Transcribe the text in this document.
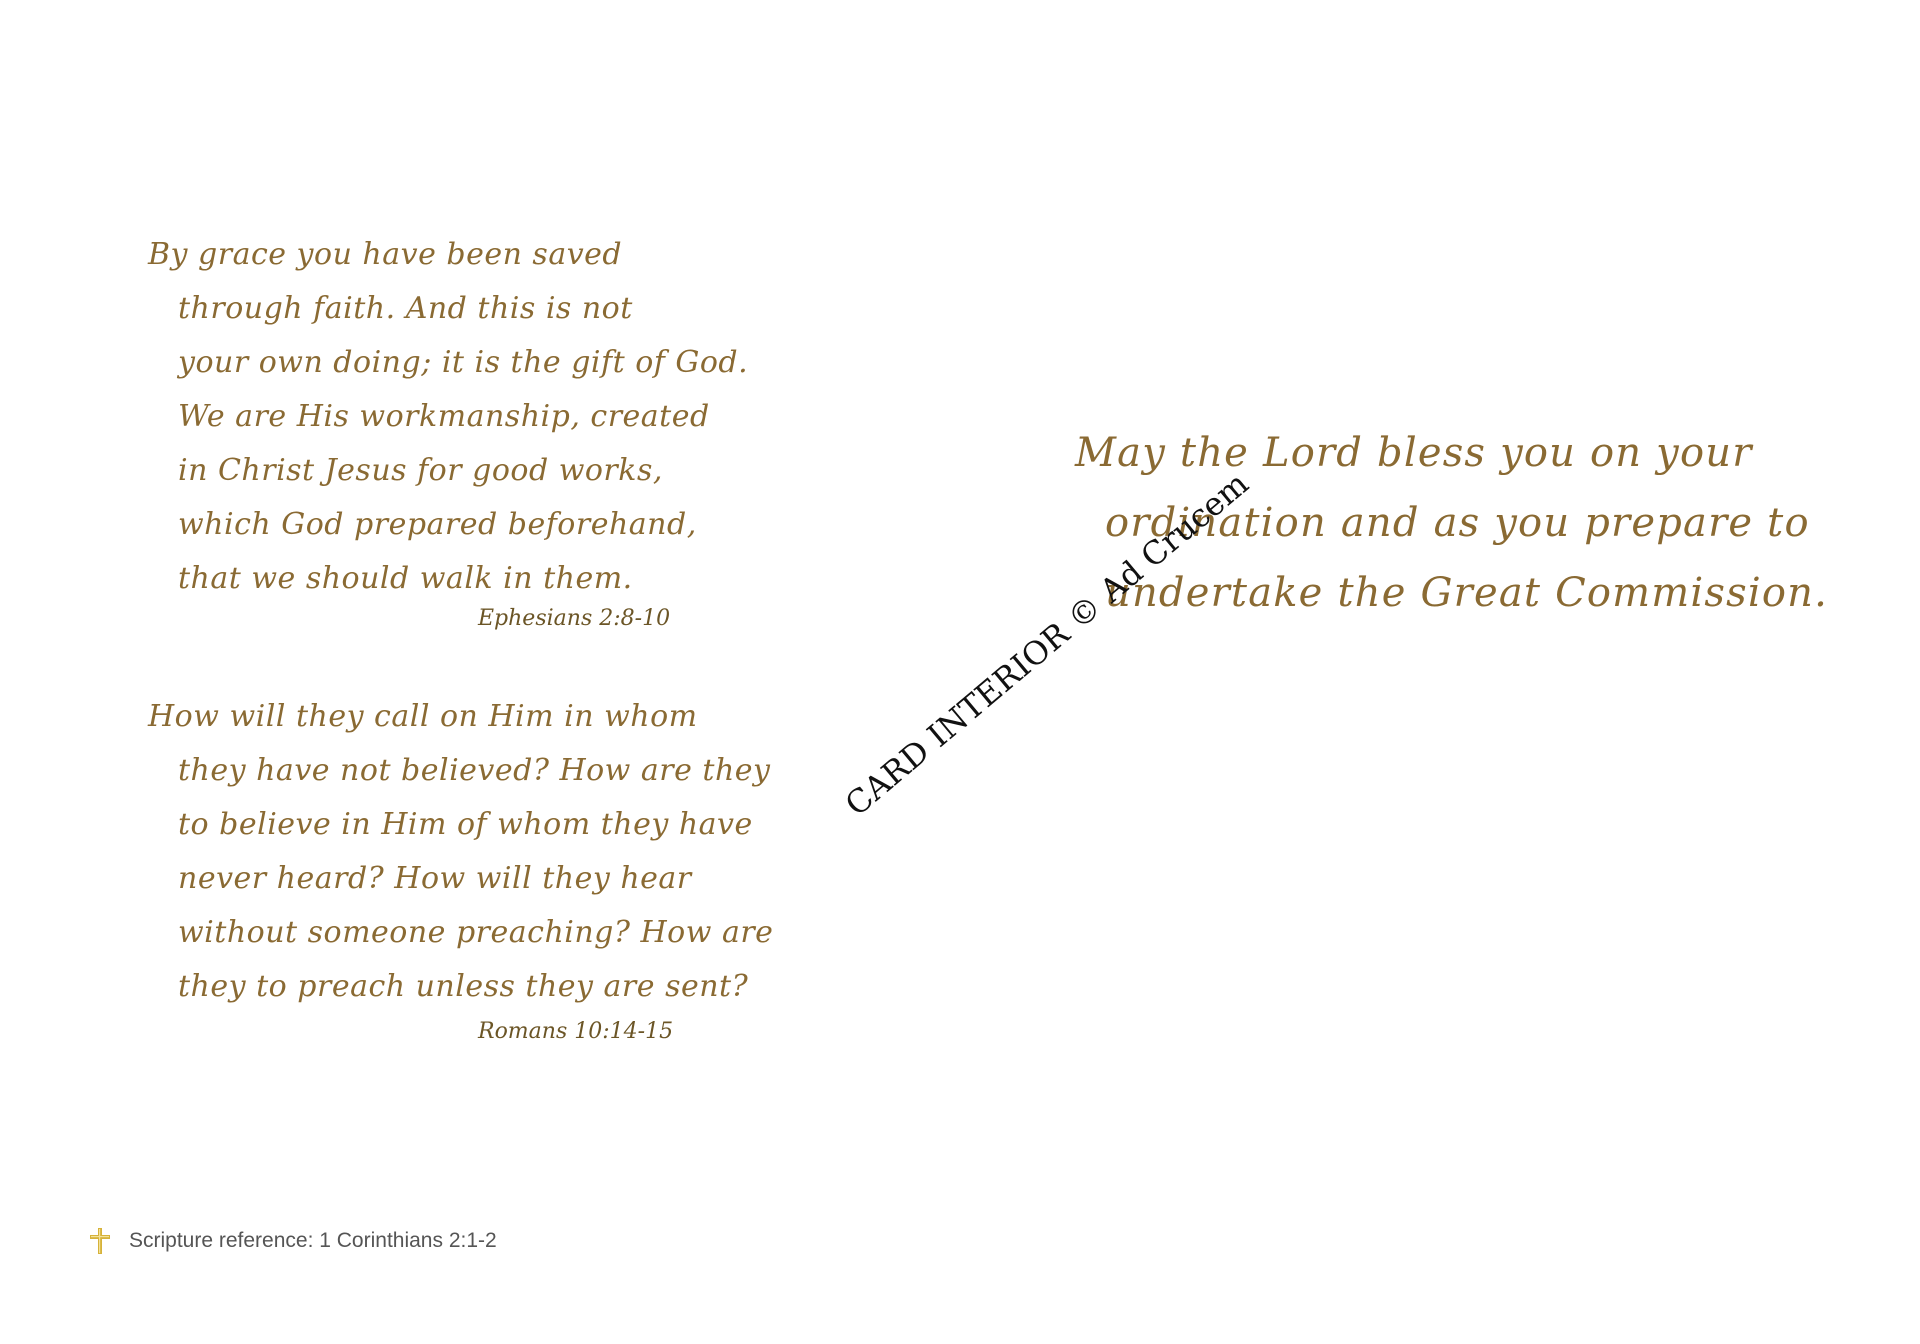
By grace you have been saved
through faith. And this is not
your own doing; it is the gift of God.
We are His workmanship, created
in Christ Jesus for good works,
which God prepared beforehand,
that we should walk in them.
Ephesians 2:8-10
How will they call on Him in whom
they have not believed? How are they
to believe in Him of whom they have
never heard? How will they hear
without someone preaching? How are
they to preach unless they are sent?
Romans 10:14-15
May the Lord bless you on your
ordination and as you prepare to
undertake the Great Commission.
CARD INTERIOR © Ad Crucem
Scripture reference: 1 Corinthians 2:1-2
